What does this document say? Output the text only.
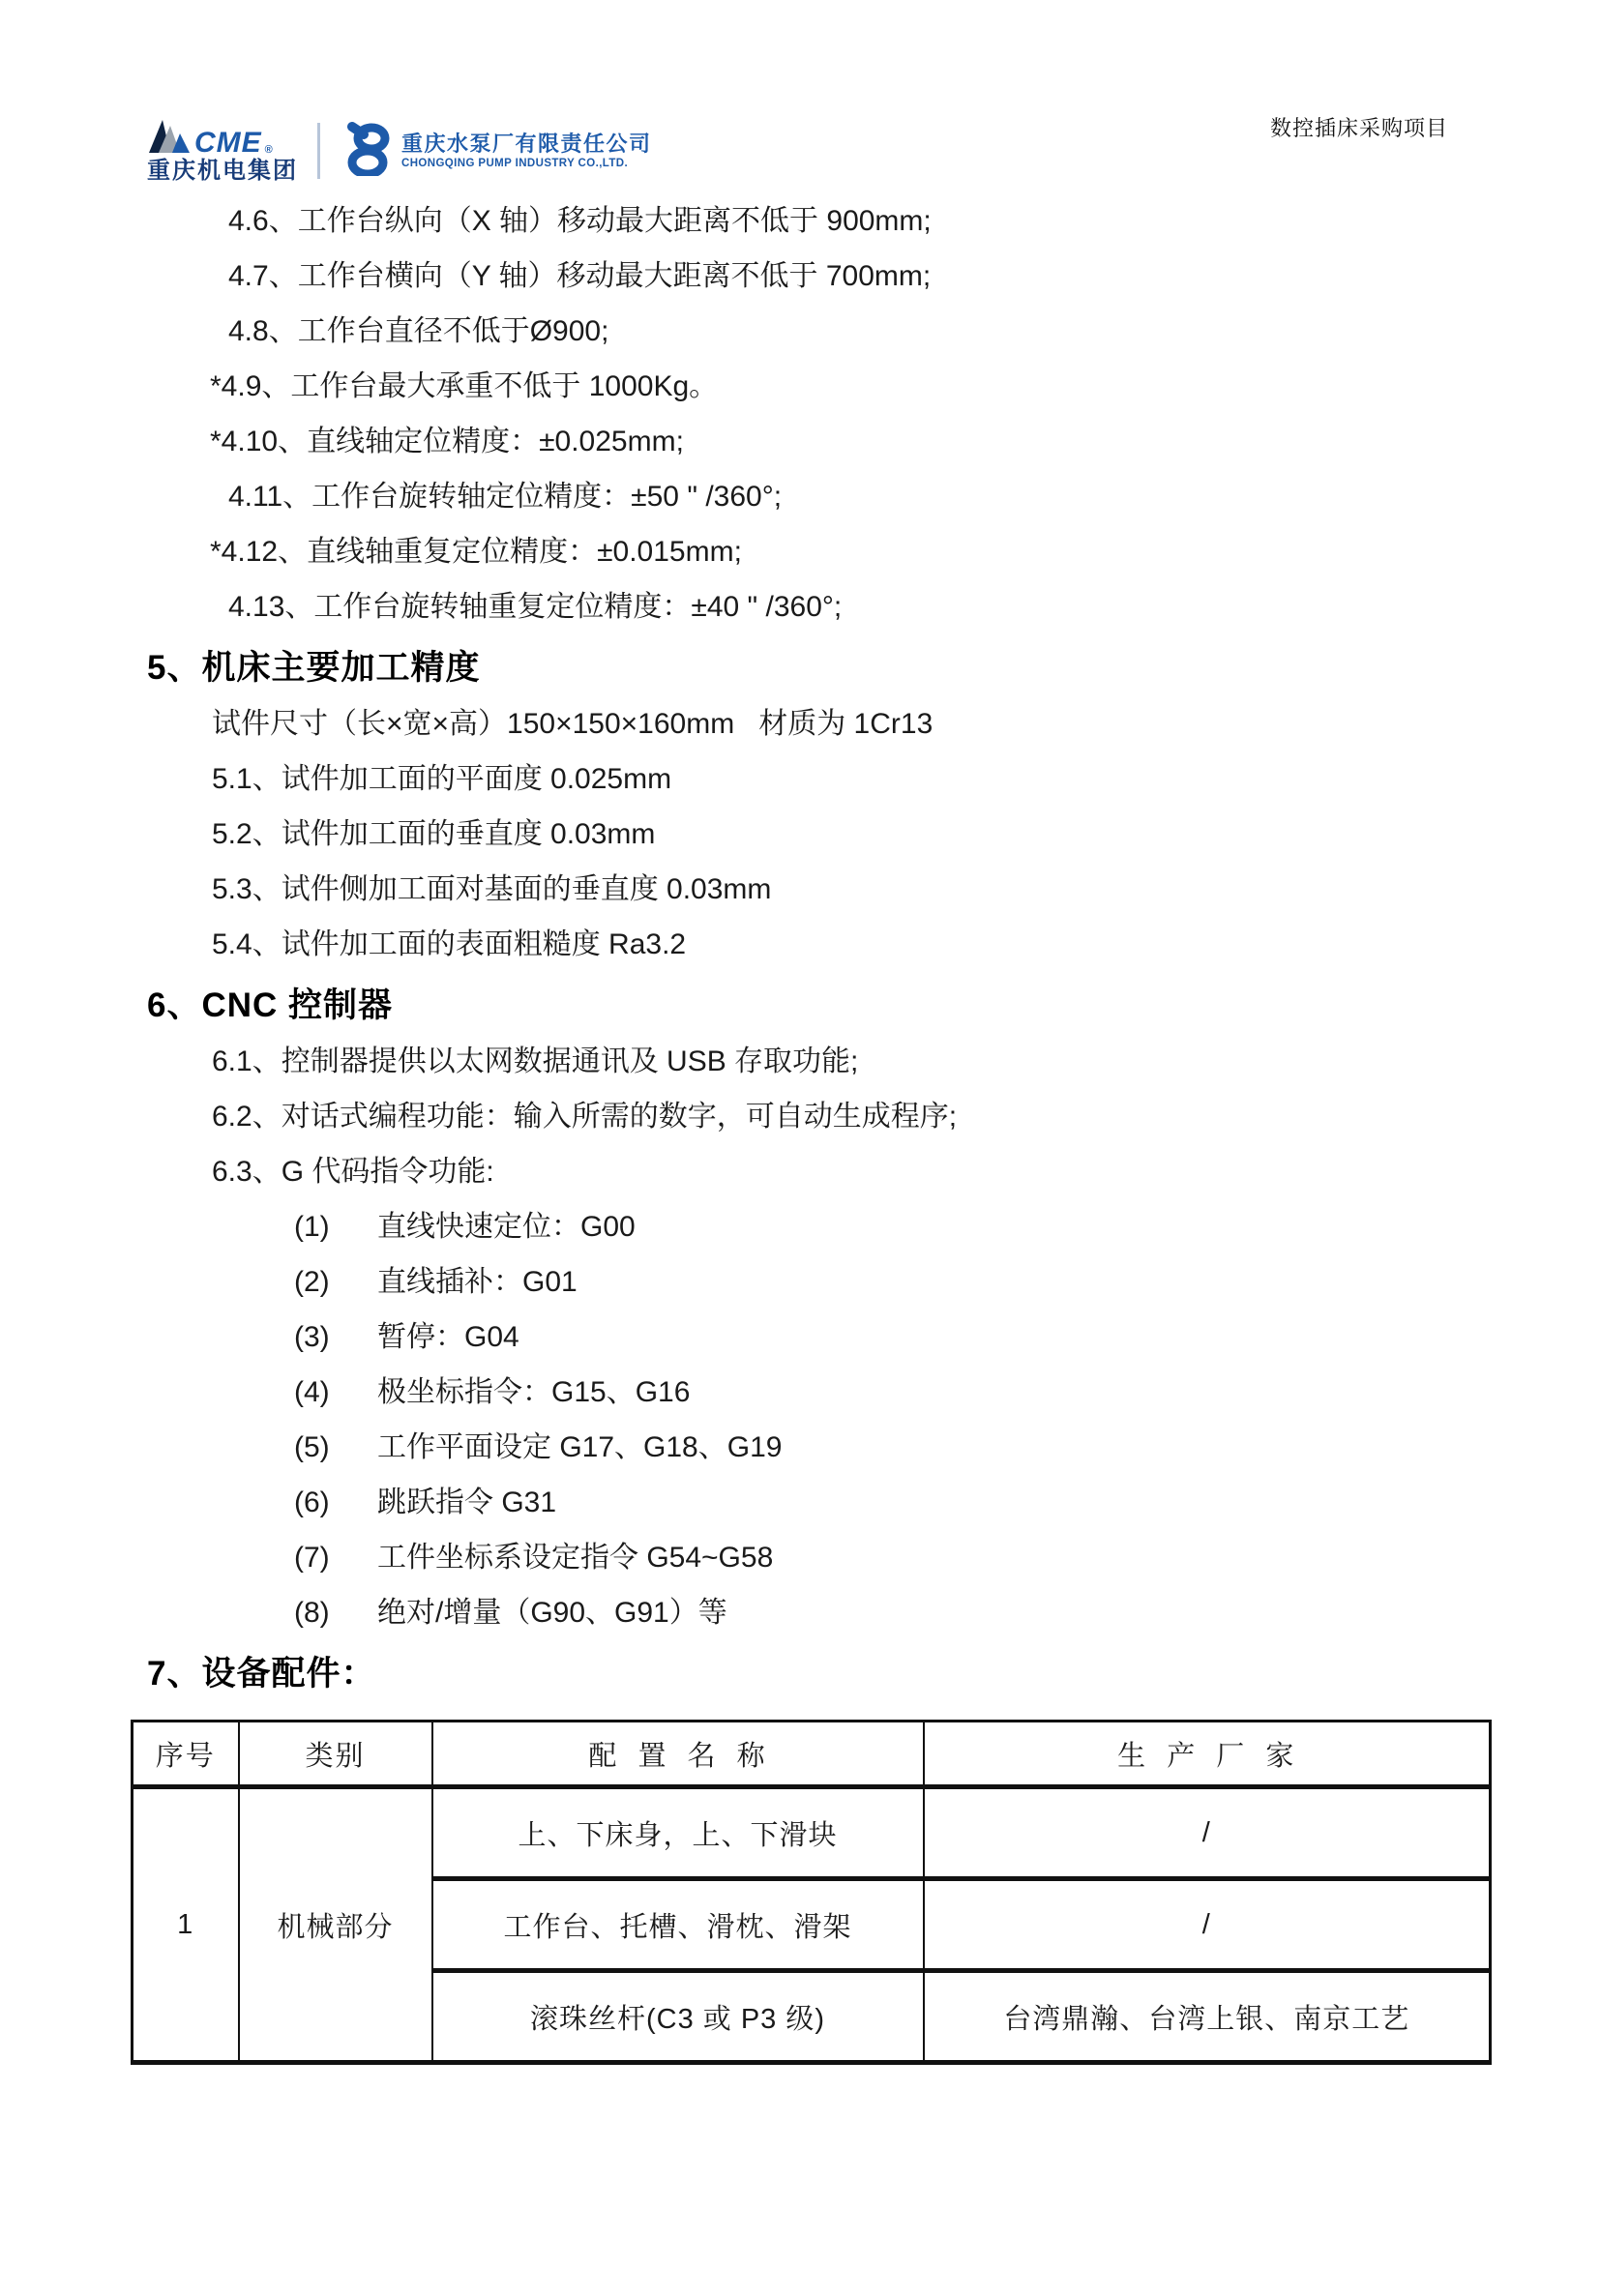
CME ®
重庆机电集团
重庆水泵厂有限责任公司
CHONGQING PUMP INDUSTRY CO.,LTD.
数控插床采购项目
4.6、工作台纵向（X 轴）移动最大距离不低于 900mm;
4.7、工作台横向（Y 轴）移动最大距离不低于 700mm;
4.8、工作台直径不低于Ø900;
*4.9、工作台最大承重不低于 1000Kg。
*4.10、直线轴定位精度：±0.025mm;
4.11、工作台旋转轴定位精度：±50 " /360°;
*4.12、直线轴重复定位精度：±0.015mm;
4.13、工作台旋转轴重复定位精度：±40 " /360°;
5、机床主要加工精度
试件尺寸（长×宽×高）150×150×160mm   材质为 1Cr13
5.1、试件加工面的平面度 0.025mm
5.2、试件加工面的垂直度 0.03mm
5.3、试件侧加工面对基面的垂直度 0.03mm
5.4、试件加工面的表面粗糙度 Ra3.2
6、CNC 控制器
6.1、控制器提供以太网数据通讯及 USB 存取功能;
6.2、对话式编程功能：输入所需的数字，可自动生成程序;
6.3、G 代码指令功能:
(1)	直线快速定位：G00
(2)	直线插补：G01
(3)	暂停：G04
(4)	极坐标指令：G15、G16
(5)	工作平面设定 G17、G18、G19
(6)	跳跃指令 G31
(7)	工件坐标系设定指令 G54~G58
(8)	绝对/增量（G90、G91）等
7、设备配件：
序号	类别	配  置  名  称	生  产  厂  家
1	机械部分	上、下床身，上、下滑块	/
		工作台、托槽、滑枕、滑架	/
		滚珠丝杆(C3 或 P3 级)	台湾鼎瀚、台湾上银、南京工艺
